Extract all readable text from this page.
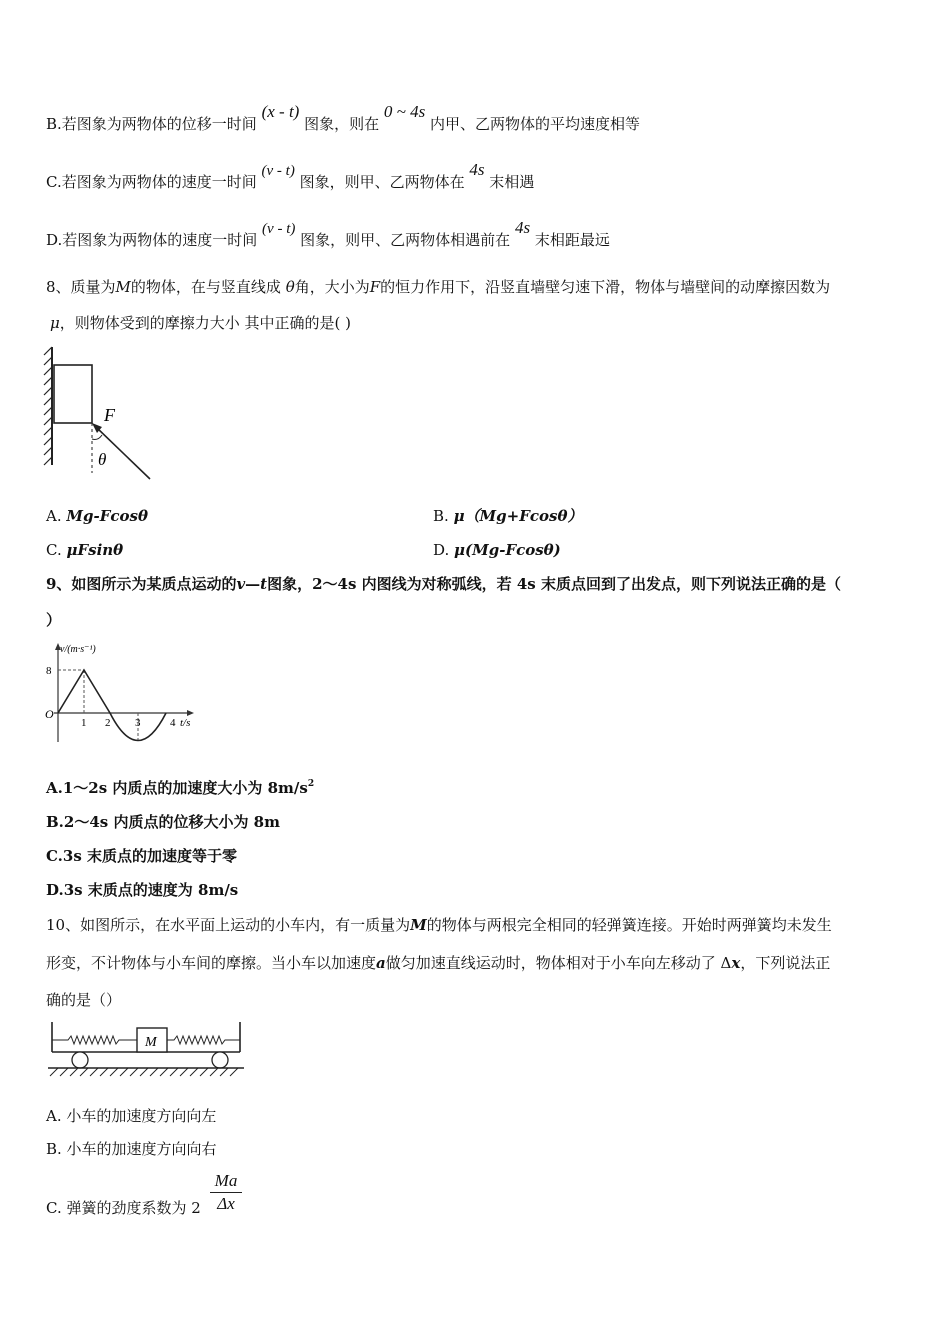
B.若图象为两物体的位移一时间 (x - t) 图象，则在 0 ~ 4s 内甲、乙两物体的平均速度相等
C.若图象为两物体的速度一时间 (v - t) 图象，则甲、乙两物体在 4s 末相遇
D.若图象为两物体的速度一时间 (v - t) 图象，则甲、乙两物体相遇前在 4s 末相距最远
8、质量为M的物体，在与竖直线成 θ角，大小为F的恒力作用下，沿竖直墙壁匀速下滑，物体与墙壁间的动摩擦因数为
μ，则物体受到的摩擦力大小 其中正确的是( )
F
θ
A. Mg-Fcosθ	B. μ（Mg+Fcosθ）
C. μFsinθ	D. μ(Mg-Fcosθ)
9、如图所示为某质点运动的v—t图象，2～4s 内图线为对称弧线，若 4s 末质点回到了出发点，则下列说法正确的是（
）
v/(m·s⁻¹)
8
O
1 2 3	4 t/s
A.1～2s 内质点的加速度大小为 $8m/s^2$
B.2～4s 内质点的位移大小为 8m
C.3s 末质点的加速度等于零
D.3s 末质点的速度为 8m/s
10、如图所示，在水平面上运动的小车内，有一质量为M的物体与两根完全相同的轻弹簧连接。开始时两弹簧均未发生
形变，不计物体与小车间的摩擦。当小车以加速度a做匀加速直线运动时，物体相对于小车向左移动了 Δx，下列说法正
确的是（）
M
A. 小车的加速度方向向左
B. 小车的加速度方向向右
C. 弹簧的劲度系数为 $2 \frac{Ma}{\Delta x}$
